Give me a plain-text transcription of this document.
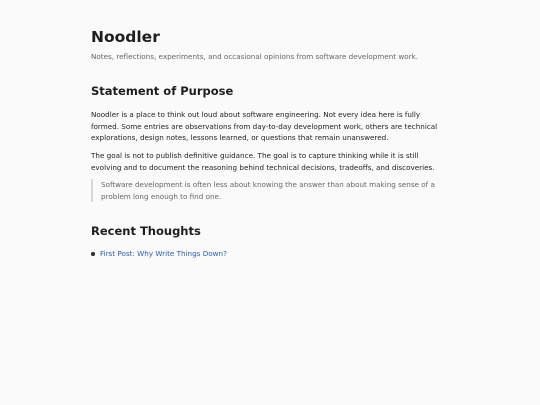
Noodler

Notes, reflections, experiments, and occasional opinions from software development work.

Statement of Purpose

Noodler is a place to think out loud about software engineering. Not every idea here is fully formed. Some entries are observations from day-to-day development work, others are technical explorations, design notes, lessons learned, or questions that remain unanswered.

The goal is not to publish definitive guidance. The goal is to capture thinking while it is still evolving and to document the reasoning behind technical decisions, tradeoffs, and discoveries.

Software development is often less about knowing the answer than about making sense of a problem long enough to find one.
Recent Thoughts
First Post: Why Write Things Down?
